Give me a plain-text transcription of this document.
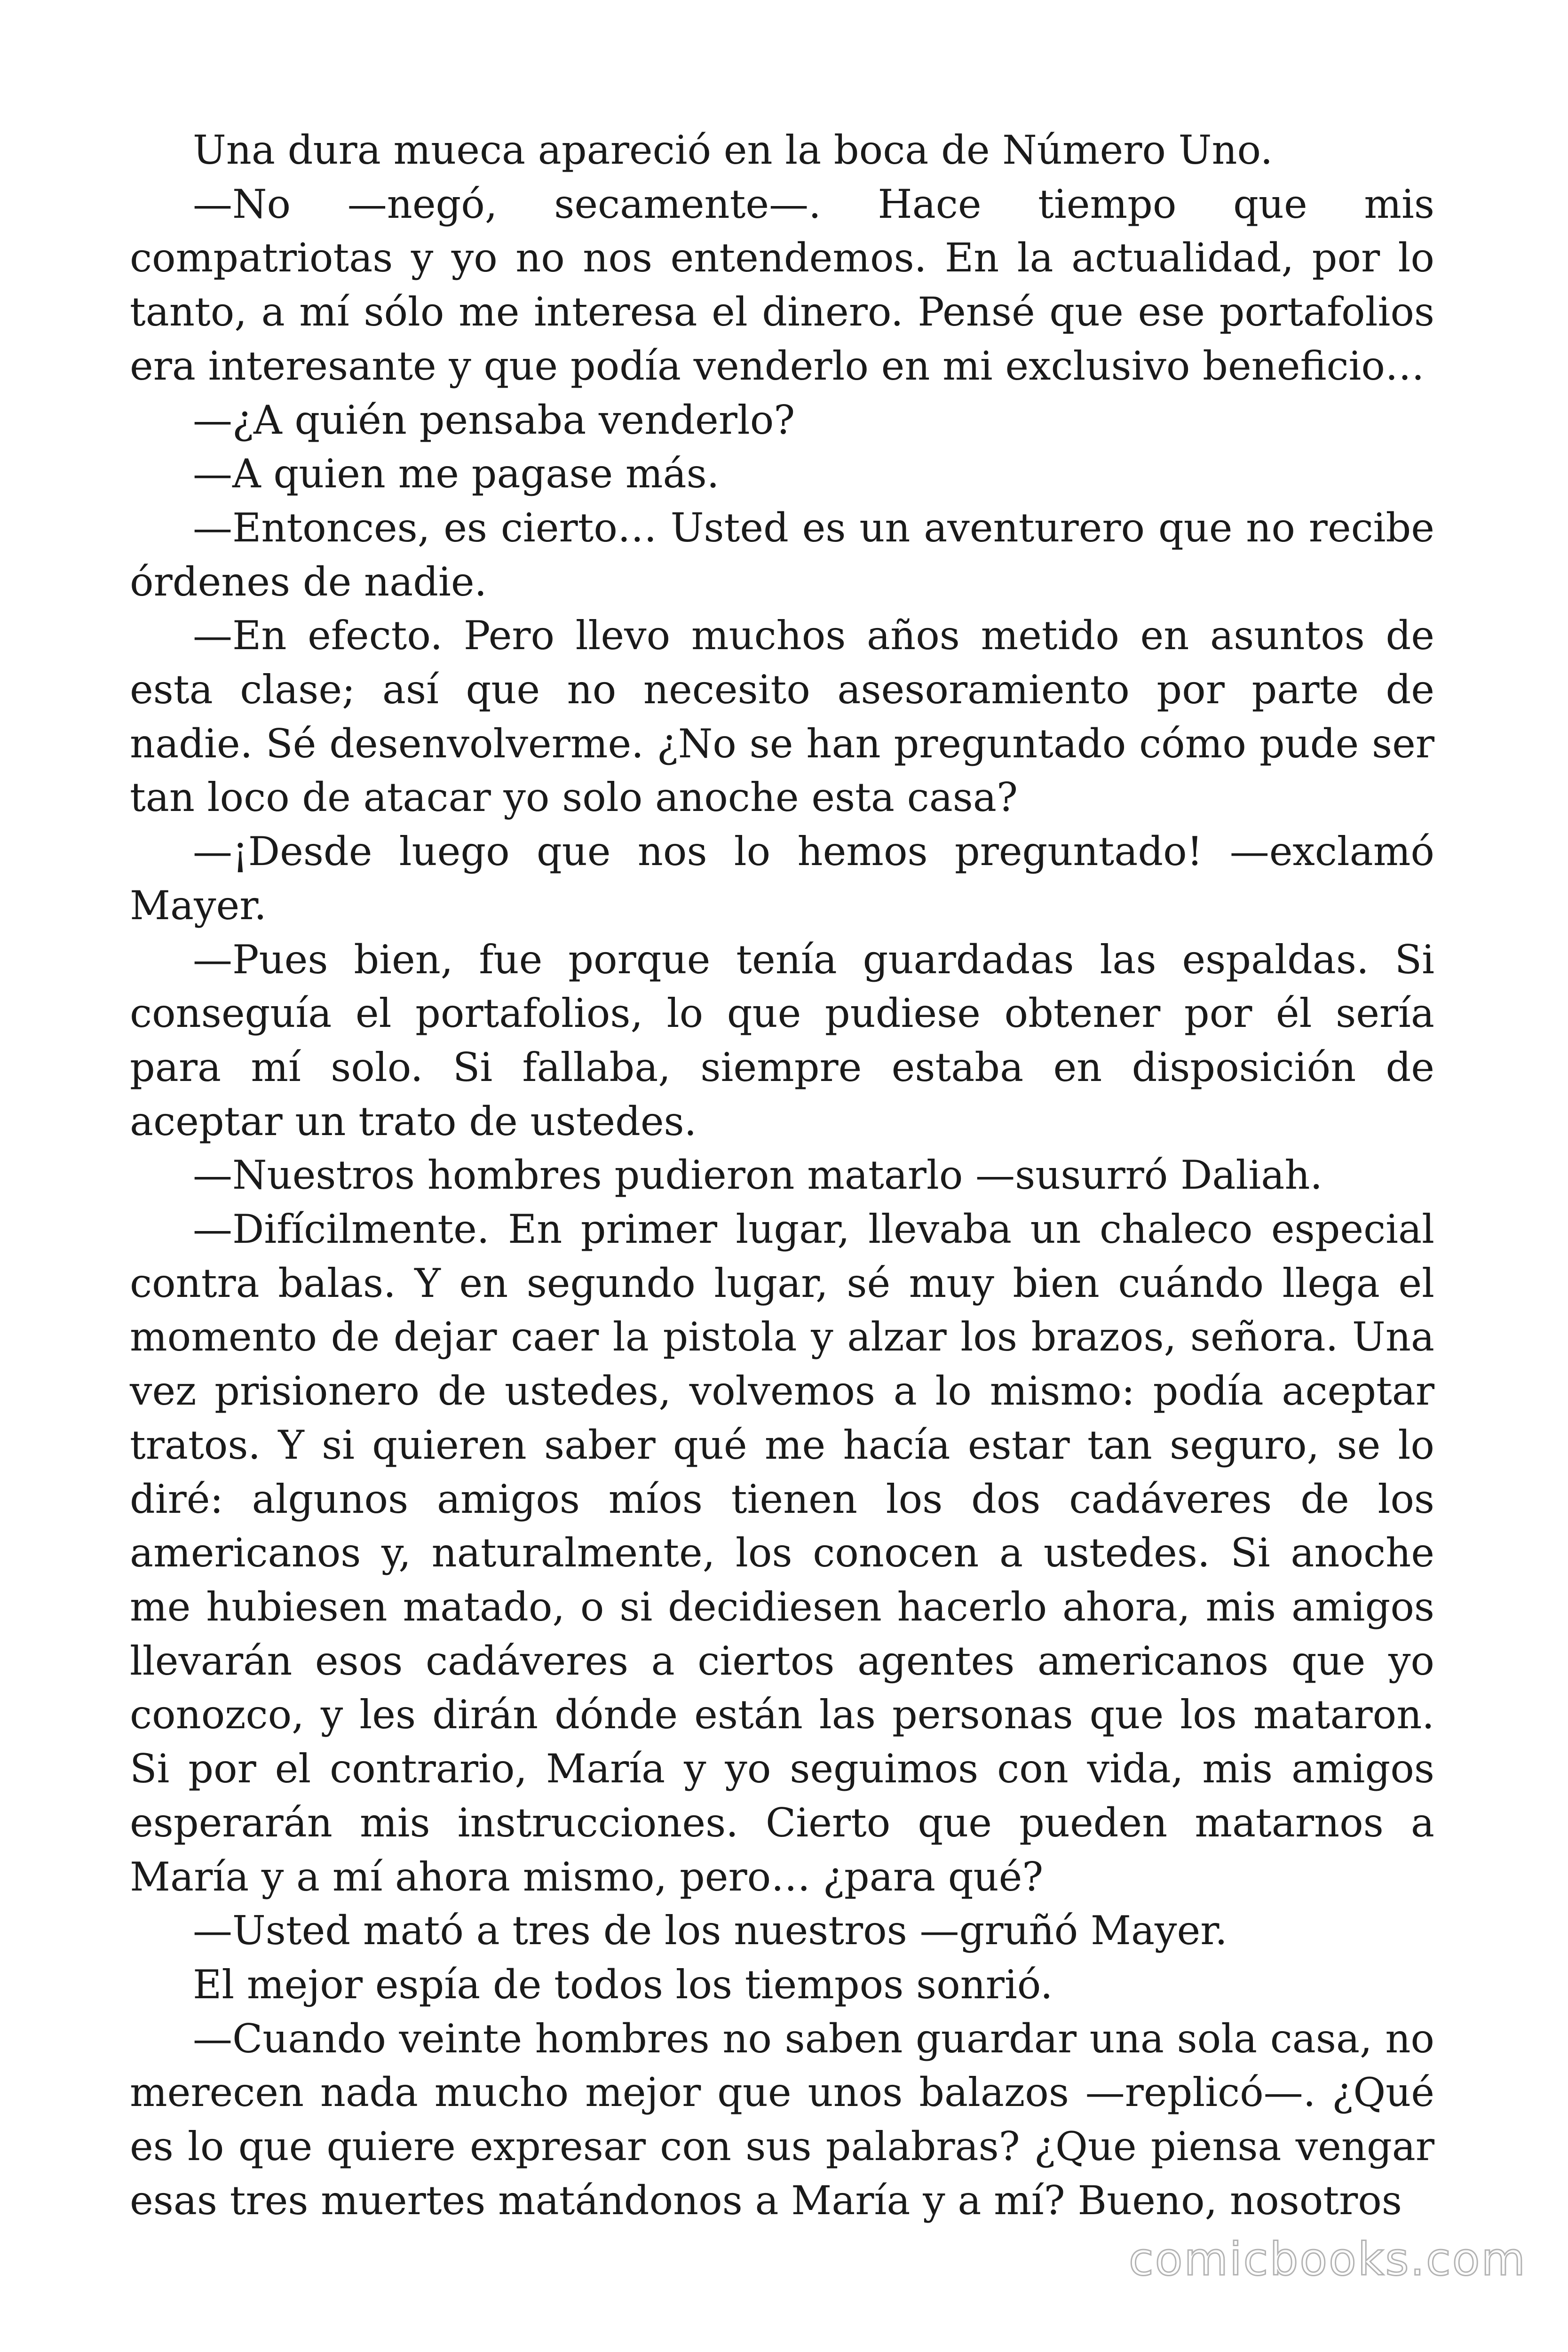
Una dura mueca apareció en la boca de Número Uno.

—No —negó, secamente—. Hace tiempo que mis compatriotas y yo no nos entendemos. En la actualidad, por lo tanto, a mí sólo me interesa el dinero. Pensé que ese portafolios era interesante y que podía venderlo en mi exclusivo beneficio…

—¿A quién pensaba venderlo?

—A quien me pagase más.

—Entonces, es cierto… Usted es un aventurero que no recibe órdenes de nadie.

—En efecto. Pero llevo muchos años metido en asuntos de esta clase; así que no necesito asesoramiento por parte de nadie. Sé desenvolverme. ¿No se han preguntado cómo pude ser tan loco de atacar yo solo anoche esta casa?

—¡Desde luego que nos lo hemos preguntado! —exclamó Mayer.

—Pues bien, fue porque tenía guardadas las espaldas. Si conseguía el portafolios, lo que pudiese obtener por él sería para mí solo. Si fallaba, siempre estaba en disposición de aceptar un trato de ustedes.

—Nuestros hombres pudieron matarlo —susurró Daliah.

—Difícilmente. En primer lugar, llevaba un chaleco especial contra balas. Y en segundo lugar, sé muy bien cuándo llega el momento de dejar caer la pistola y alzar los brazos, señora. Una vez prisionero de ustedes, volvemos a lo mismo: podía aceptar tratos. Y si quieren saber qué me hacía estar tan seguro, se lo diré: algunos amigos míos tienen los dos cadáveres de los americanos y, naturalmente, los conocen a ustedes. Si anoche me hubiesen matado, o si decidiesen hacerlo ahora, mis amigos llevarán esos cadáveres a ciertos agentes americanos que yo conozco, y les dirán dónde están las personas que los mataron. Si por el contrario, María y yo seguimos con vida, mis amigos esperarán mis instrucciones. Cierto que pueden matarnos a María y a mí ahora mismo, pero… ¿para qué?

—Usted mató a tres de los nuestros —gruñó Mayer.

El mejor espía de todos los tiempos sonrió.

—Cuando veinte hombres no saben guardar una sola casa, no merecen nada mucho mejor que unos balazos —replicó—. ¿Qué es lo que quiere expresar con sus palabras? ¿Que piensa vengar esas tres muertes matándonos a María y a mí? Bueno, nosotros

comicbooks.com
